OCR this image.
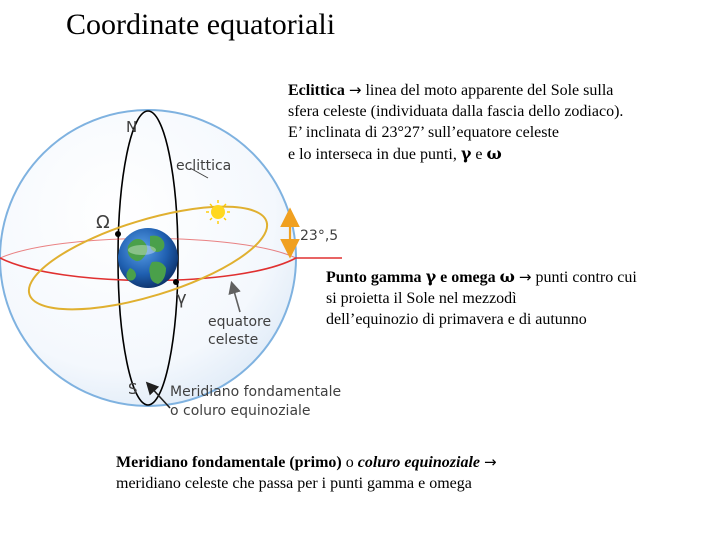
Coordinate equatoriali
N
S
eclittica
Ω
γ
23°,5
equatore
celeste
Meridiano fondamentale
o coluro equinoziale
Eclittica → linea del moto apparente del Sole sulla
sfera celeste (individuata dalla fascia dello zodiaco).
E’ inclinata di 23°27’ sull’equatore celeste
e lo interseca in due punti, γ e ω
Punto gamma γ e omega ω → punti contro cui
si proietta il Sole nel mezzodì
dell’equinozio di primavera e di autunno
Meridiano fondamentale (primo) o coluro equinoziale →
meridiano celeste che passa per i punti gamma e omega
